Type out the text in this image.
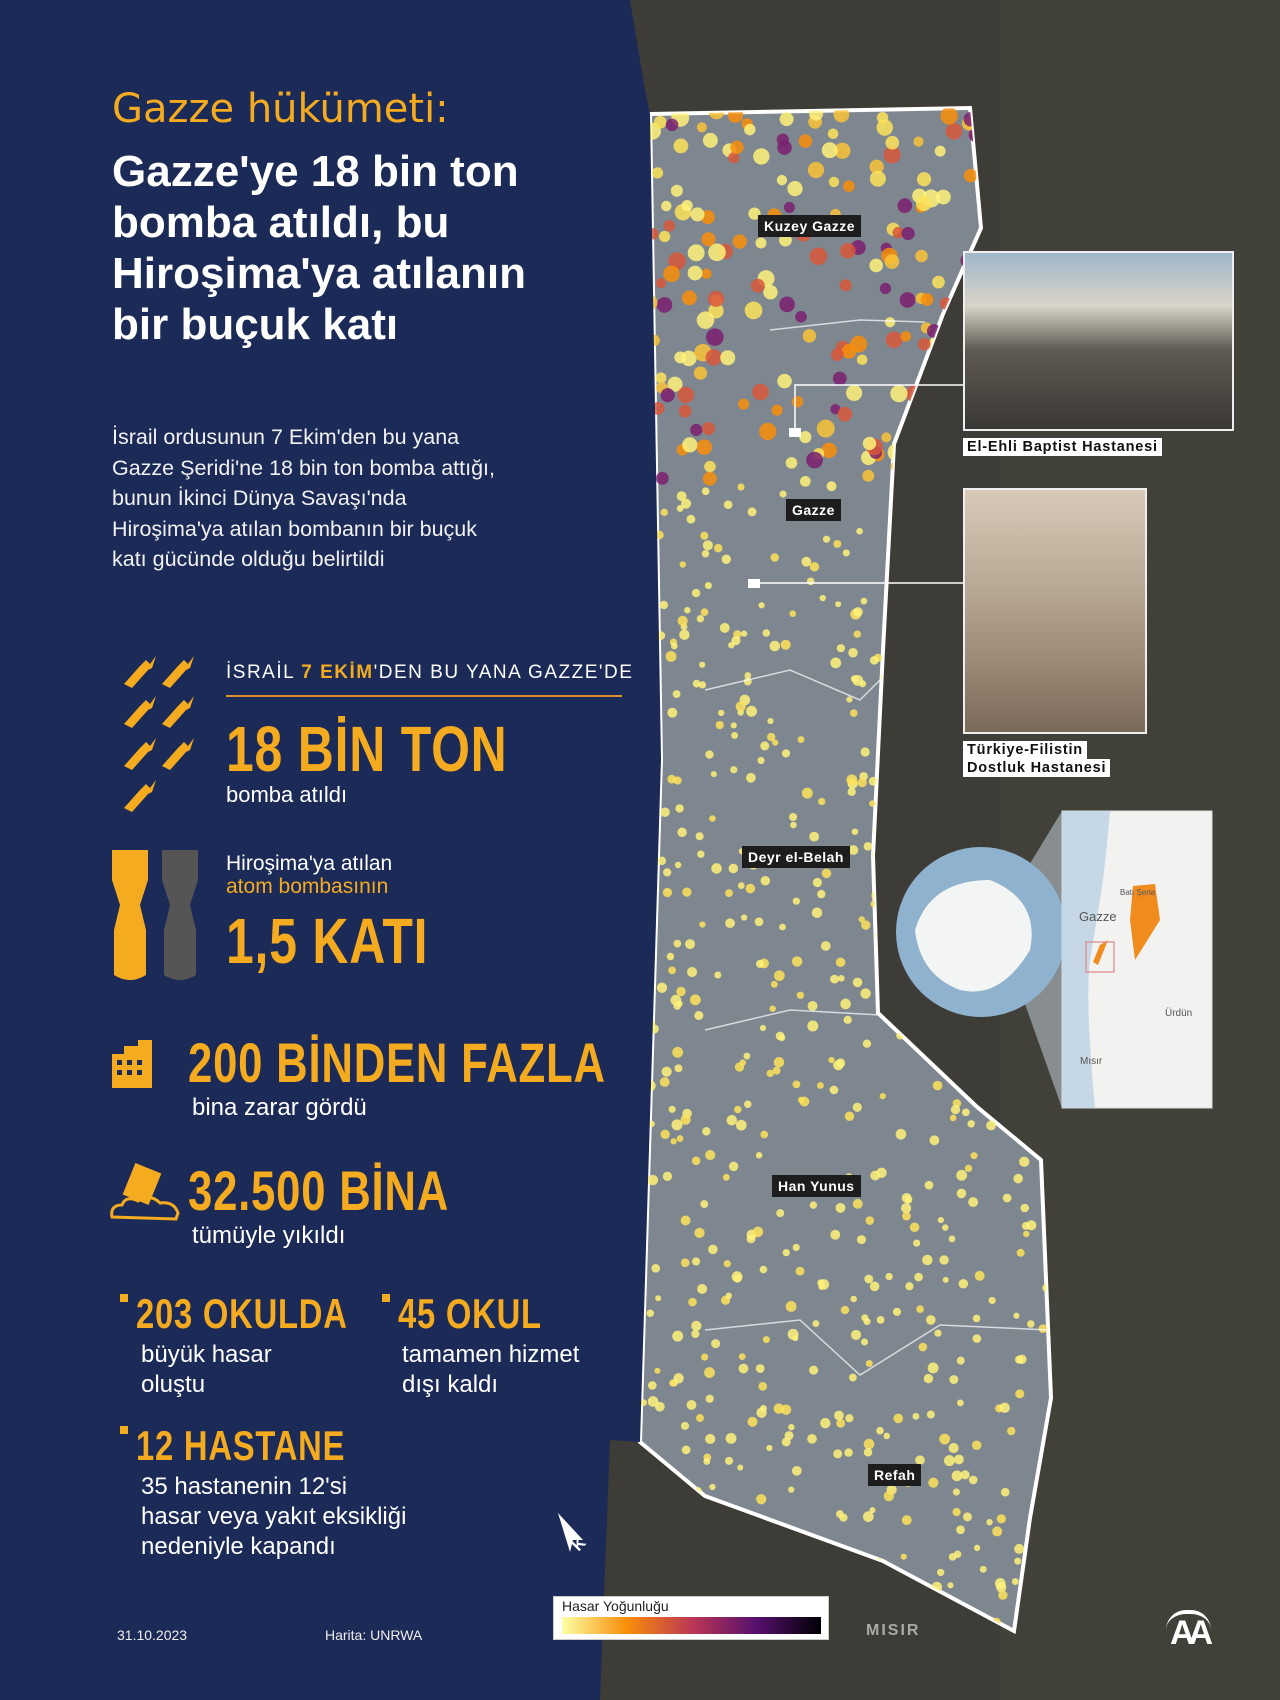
Gazze hükümeti:
Gazze'ye 18 bin ton bomba atıldı, bu Hiroşima'ya atılanın bir buçuk katı
İsrail ordusunun 7 Ekim'den bu yana Gazze Şeridi'ne 18 bin ton bomba attığı, bunun İkinci Dünya Savaşı'nda Hiroşima'ya atılan bombanın bir buçuk katı gücünde olduğu belirtildi
İSRAİL 7 EKİM'DEN BU YANA GAZZE'DE
18 BİN TON
bomba atıldı
Hiroşima'ya atılan
atom bombasının
1,5 KATI
200 BİNDEN FAZLA
bina zarar gördü
32.500 BİNA
tümüyle yıkıldı
203 OKULDA
büyük hasar
oluştu
45 OKUL
tamamen hizmet
dışı kaldı
12 HASTANE
35 hastanenin 12'si
hasar veya yakıt eksikliği
nedeniyle kapandı
Kuzey Gazze
Gazze
Deyr el-Belah
Han Yunus
Refah
MISIR
El-Ehli Baptist Hastanesi
Türkiye-Filistin
Dostluk Hastanesi
Gazze
Batı Şeria
Ürdün
Mısır
K
Hasar Yoğunluğu
31.10.2023	Harita: UNRWA	AA
